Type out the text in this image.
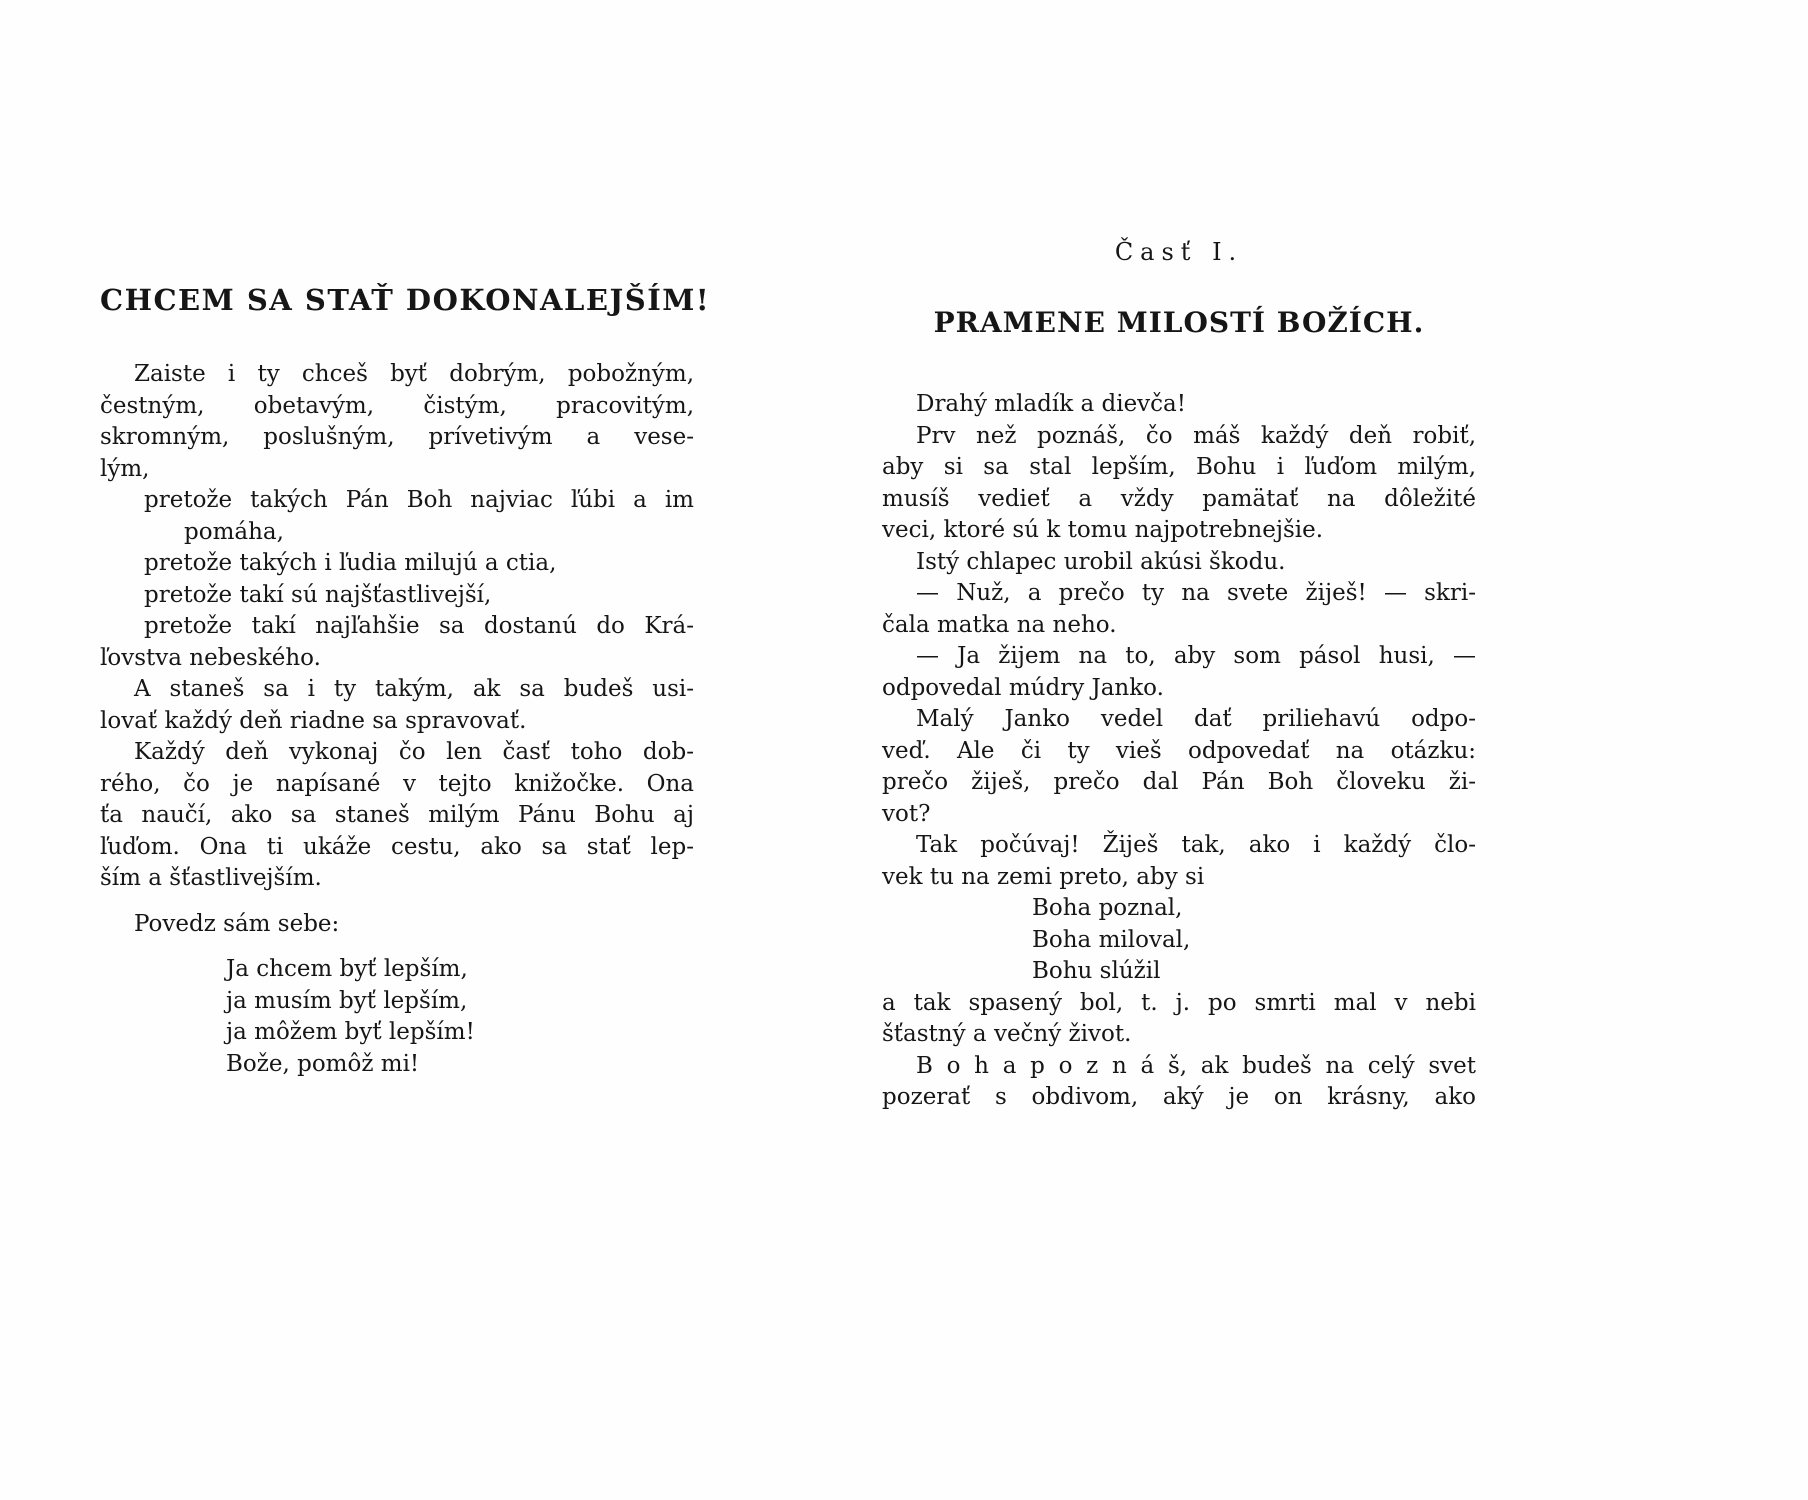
CHCEM SA STAŤ DOKONALEJŠÍM!
Zaiste i ty chceš byť dobrým, pobožným,
čestným, obetavým, čistým, pracovitým,
skromným, poslušným, prívetivým a vese-
lým,
pretože takých Pán Boh najviac ľúbi a im
pomáha,
pretože takých i ľudia milujú a ctia,
pretože takí sú najšťastlivejší,
pretože takí najľahšie sa dostanú do Krá-
ľovstva nebeského.
A staneš sa i ty takým, ak sa budeš usi-
lovať každý deň riadne sa spravovať.
Každý deň vykonaj čo len časť toho dob-
rého, čo je napísané v tejto knižočke. Ona
ťa naučí, ako sa staneš milým Pánu Bohu aj
ľuďom. Ona ti ukáže cestu, ako sa stať lep-
ším a šťastlivejším.
Povedz sám sebe:
Ja chcem byť lepším,
ja musím byť lepším,
ja môžem byť lepším!
Bože, pomôž mi!
Časť I.
PRAMENE MILOSTÍ BOŽÍCH.
Drahý mladík a dievča!
Prv než poznáš, čo máš každý deň robiť,
aby si sa stal lepším, Bohu i ľuďom milým,
musíš vedieť a vždy pamätať na dôležité
veci, ktoré sú k tomu najpotrebnejšie.
Istý chlapec urobil akúsi škodu.
— Nuž, a prečo ty na svete žiješ! — skri-
čala matka na neho.
— Ja žijem na to, aby som pásol husi, —
odpovedal múdry Janko.
Malý Janko vedel dať priliehavú odpo-
veď. Ale či ty vieš odpovedať na otázku:
prečo žiješ, prečo dal Pán Boh človeku ži-
vot?
Tak počúvaj! Žiješ tak, ako i každý člo-
vek tu na zemi preto, aby si
Boha poznal,
Boha miloval,
Bohu slúžil
a tak spasený bol, t. j. po smrti mal v nebi
šťastný a večný život.
B o h a p o z n á š, ak budeš na celý svet
pozerať s obdivom, aký je on krásny, ako
